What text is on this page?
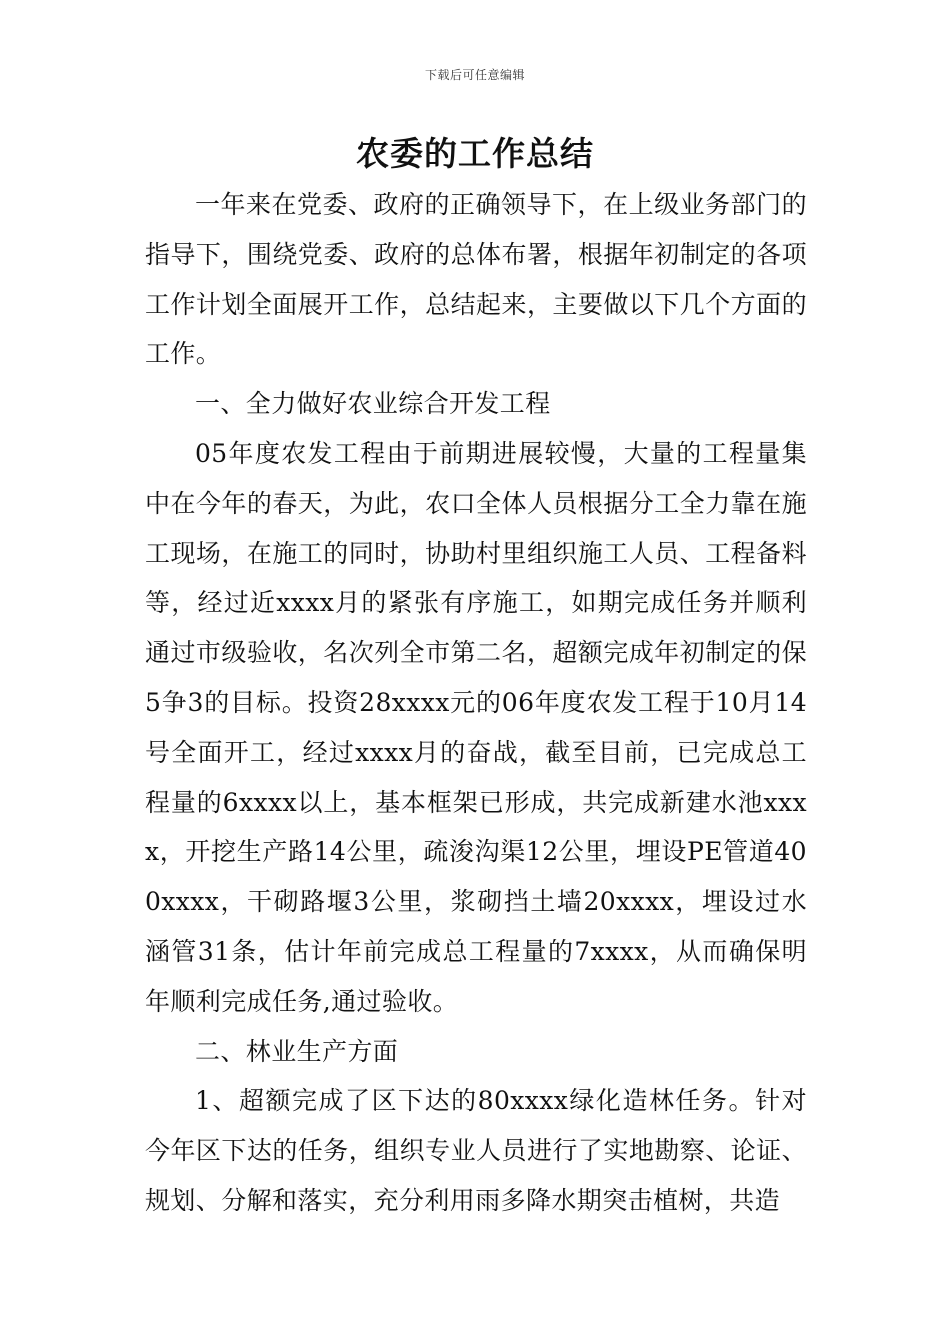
下载后可任意编辑
农委的工作总结

一年来在党委、政府的正确领导下，在上级业务部门的指导下，围绕党委、政府的总体布署，根据年初制定的各项工作计划全面展开工作，总结起来，主要做以下几个方面的工作。

一、全力做好农业综合开发工程

05年度农发工程由于前期进展较慢，大量的工程量集中在今年的春天，为此，农口全体人员根据分工全力靠在施工现场，在施工的同时，协助村里组织施工人员、工程备料等，经过近xxxx月的紧张有序施工，如期完成任务并顺利通过市级验收，名次列全市第二名，超额完成年初制定的保5争3的目标。投资28xxxx元的06年度农发工程于10月14号全面开工，经过xxxx月的奋战，截至目前，已完成总工程量的6xxxx以上，基本框架已形成，共完成新建水池xxxx，开挖生产路14公里，疏浚沟渠12公里，埋设PE管道400xxxx，干砌路堰3公里，浆砌挡土墙20xxxx，埋设过水涵管31条，估计年前完成总工程量的7xxxx，从而确保明年顺利完成任务,通过验收。

二、林业生产方面

1、超额完成了区下达的80xxxx绿化造林任务。针对今年区下达的任务，组织专业人员进行了实地勘察、论证、规划、分解和落实，充分利用雨多降水期突击植树，共造
